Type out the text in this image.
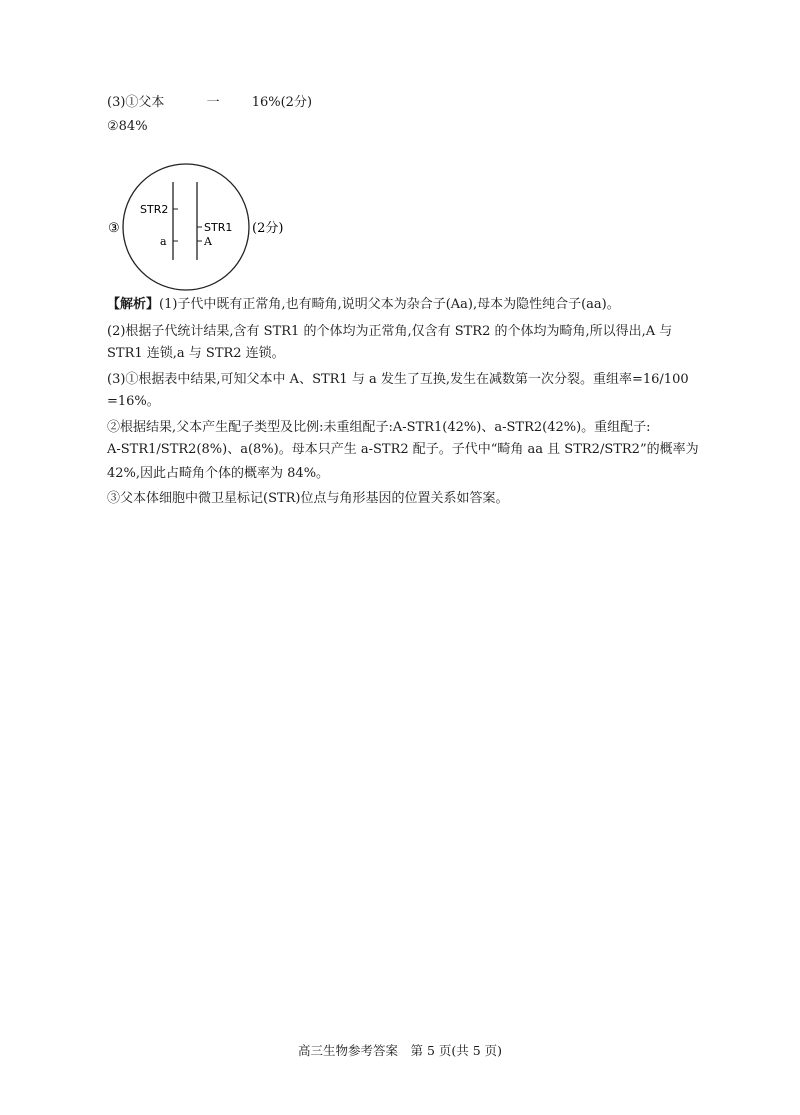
(3)①父本	一 16%(2分)
②84%
③
STR2
a
STR1
A
(2分)
【解析】(1)子代中既有正常角,也有畸角,说明父本为杂合子(Aa),母本为隐性纯合子(aa)。
(2)根据子代统计结果,含有 STR1 的个体均为正常角,仅含有 STR2 的个体均为畸角,所以得出,A 与
STR1 连锁,a 与 STR2 连锁。
(3)①根据表中结果,可知父本中 A、STR1 与 a 发生了互换,发生在减数第一次分裂。重组率=16/100
=16%。
②根据结果,父本产生配子类型及比例:未重组配子:A-STR1(42%)、a-STR2(42%)。重组配子:
A-STR1/STR2(8%)、a(8%)。母本只产生 a-STR2 配子。子代中“畸角 aa 且 STR2/STR2”的概率为
42%,因此占畸角个体的概率为 84%。
③父本体细胞中微卫星标记(STR)位点与角形基因的位置关系如答案。
高三生物参考答案　第 5 页(共 5 页)
